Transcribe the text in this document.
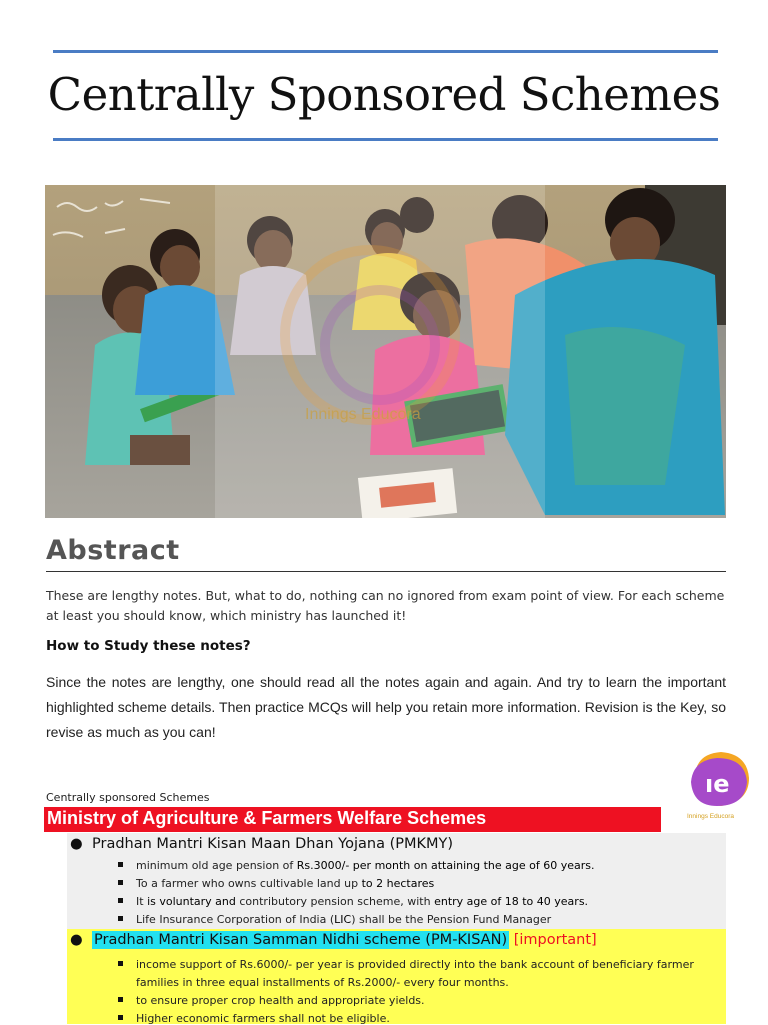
Centrally Sponsored Schemes
Innings Educora
Abstract
These are lengthy notes. But, what to do, nothing can no ignored from exam point of view. For each scheme at least you should know, which ministry has launched it!
How to Study these notes?
Since the notes are lengthy, one should read all the notes again and again. And try to learn the important highlighted scheme details. Then practice MCQs will help you retain more information. Revision is the Key, so revise as much as you can!
ıe
Innings Educora
Centrally sponsored Schemes
Ministry of Agriculture & Farmers Welfare Schemes
● Pradhan Mantri Kisan Maan Dhan Yojana (PMKMY)
minimum old age pension of Rs.3000/- per month on attaining the age of 60 years.
To a farmer who owns cultivable land up to 2 hectares
It is voluntary and contributory pension scheme, with entry age of 18 to 40 years.
Life Insurance Corporation of India (LIC) shall be the Pension Fund Manager
● Pradhan Mantri Kisan Samman Nidhi scheme (PM-KISAN) [important]
income support of Rs.6000/- per year is provided directly into the bank account of beneficiary farmer
families in three equal installments of Rs.2000/- every four months.
to ensure proper crop health and appropriate yields.
Higher economic farmers shall not be eligible.
